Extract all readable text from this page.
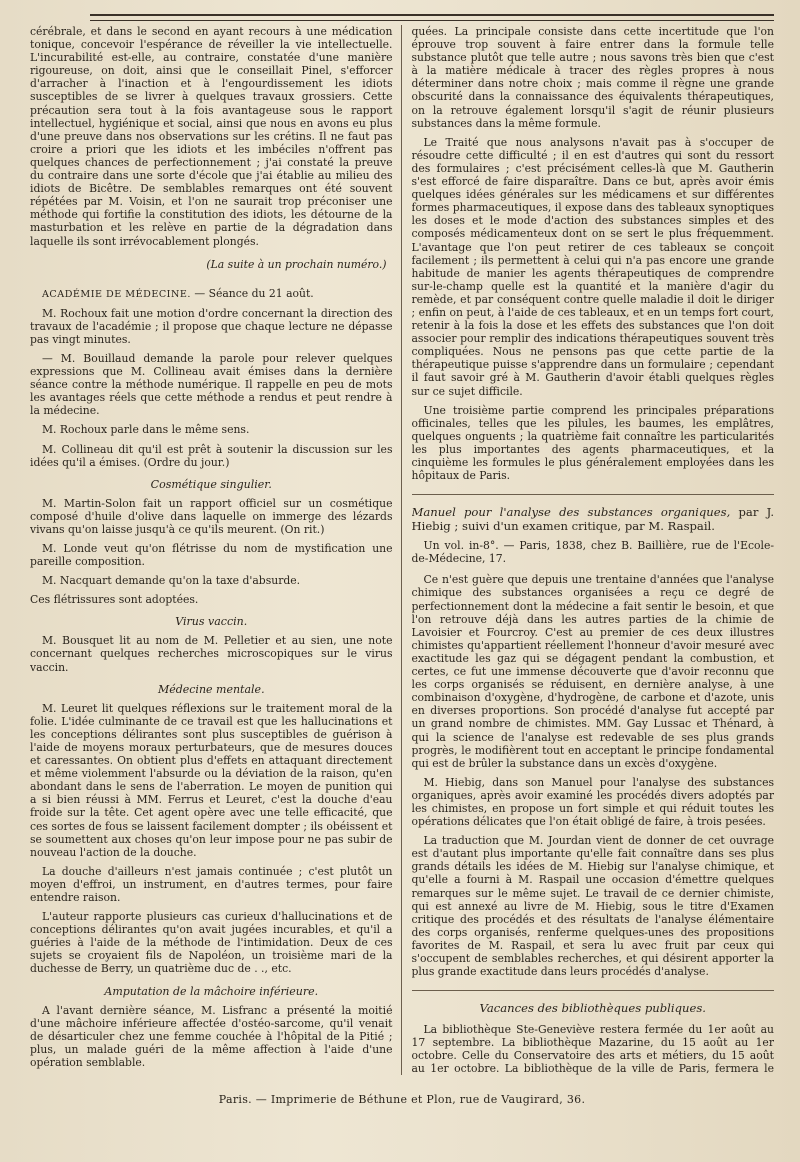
cérébrale, et dans le second en ayant recours à une médication tonique, concevoir l'espérance de réveiller la vie intellectuelle. L'incurabilité est-elle, au contraire, constatée d'une manière rigoureuse, on doit, ainsi que le conseillait Pinel, s'efforcer d'arracher à l'inaction et à l'engourdissement les idiots susceptibles de se livrer à quelques travaux grossiers. Cette précaution sera tout à la fois avantageuse sous le rapport intellectuel, hygiénique et social, ainsi que nous en avons eu plus d'une preuve dans nos observations sur les crétins. Il ne faut pas croire a priori que les idiots et les imbéciles n'offrent pas quelques chances de perfectionnement ; j'ai constaté la preuve du contraire dans une sorte d'école que j'ai établie au milieu des idiots de Bicêtre. De semblables remarques ont été souvent répétées par M. Voisin, et l'on ne saurait trop préconiser une méthode qui fortifie la constitution des idiots, les détourne de la masturbation et les relève en partie de la dégradation dans laquelle ils sont irrévocablement plongés.

(La suite à un prochain numéro.)
ACADÉMIE DE MÉDECINE. — Séance du 21 août.

M. Rochoux fait une motion d'ordre concernant la direction des travaux de l'académie ; il propose que chaque lecture ne dépasse pas vingt minutes.

— M. Bouillaud demande la parole pour relever quelques expressions que M. Collineau avait émises dans la dernière séance contre la méthode numérique. Il rappelle en peu de mots les avantages réels que cette méthode a rendus et peut rendre à la médecine.

M. Rochoux parle dans le même sens.

M. Collineau dit qu'il est prêt à soutenir la discussion sur les idées qu'il a émises. (Ordre du jour.)

Cosmétique singulier.

M. Martin-Solon fait un rapport officiel sur un cosmétique composé d'huile d'olive dans laquelle on immerge des lézards vivans qu'on laisse jusqu'à ce qu'ils meurent. (On rit.)

M. Londe veut qu'on flétrisse du nom de mystification une pareille composition.

M. Nacquart demande qu'on la taxe d'absurde.

Ces flétrissures sont adoptées.

Virus vaccin.

M. Bousquet lit au nom de M. Pelletier et au sien, une note concernant quelques recherches microscopiques sur le virus vaccin.

Médecine mentale.

M. Leuret lit quelques réflexions sur le traitement moral de la folie. L'idée culminante de ce travail est que les hallucinations et les conceptions délirantes sont plus susceptibles de guérison à l'aide de moyens moraux perturbateurs, que de mesures douces et caressantes. On obtient plus d'effets en attaquant directement et même violemment l'absurde ou la déviation de la raison, qu'en abondant dans le sens de l'aberration. Le moyen de punition qui a si bien réussi à MM. Ferrus et Leuret, c'est la douche d'eau froide sur la tête. Cet agent opère avec une telle efficacité, que ces sortes de fous se laissent facilement dompter ; ils obéissent et se soumettent aux choses qu'on leur impose pour ne pas subir de nouveau l'action de la douche.

La douche d'ailleurs n'est jamais continuée ; c'est plutôt un moyen d'effroi, un instrument, en d'autres termes, pour faire entendre raison.

L'auteur rapporte plusieurs cas curieux d'hallucinations et de conceptions délirantes qu'on avait jugées incurables, et qu'il a guéries à l'aide de la méthode de l'intimidation. Deux de ces sujets se croyaient fils de Napoléon, un troisième mari de la duchesse de Berry, un quatrième duc de . ., etc.

Amputation de la mâchoire inférieure.

A l'avant dernière séance, M. Lisfranc a présenté la moitié d'une mâchoire inférieure affectée d'ostéo-sarcome, qu'il venait de désarticuler chez une femme couchée à l'hôpital de la Pitié ; plus, un malade guéri de la même affection à l'aide d'une opération semblable.

quées. La principale consiste dans cette incertitude que l'on éprouve trop souvent à faire entrer dans la formule telle substance plutôt que telle autre ; nous savons très bien que c'est à la matière médicale à tracer des règles propres à nous déterminer dans notre choix ; mais comme il règne une grande obscurité dans la connaissance des équivalents thérapeutiques, on la retrouve également lorsqu'il s'agit de réunir plusieurs substances dans la même formule.

Le Traité que nous analysons n'avait pas à s'occuper de résoudre cette difficulté ; il en est d'autres qui sont du ressort des formulaires ; c'est précisément celles-là que M. Gautherin s'est efforcé de faire disparaître. Dans ce but, après avoir émis quelques idées générales sur les médicamens et sur différentes formes pharmaceutiques, il expose dans des tableaux synoptiques les doses et le mode d'action des substances simples et des composés médicamenteux dont on se sert le plus fréquemment. L'avantage que l'on peut retirer de ces tableaux se conçoit facilement ; ils permettent à celui qui n'a pas encore une grande habitude de manier les agents thérapeutiques de comprendre sur-le-champ quelle est la quantité et la manière d'agir du remède, et par conséquent contre quelle maladie il doit le diriger ; enfin on peut, à l'aide de ces tableaux, et en un temps fort court, retenir à la fois la dose et les effets des substances que l'on doit associer pour remplir des indications thérapeutiques souvent très compliquées. Nous ne pensons pas que cette partie de la thérapeutique puisse s'apprendre dans un formulaire ; cependant il faut savoir gré à M. Gautherin d'avoir établi quelques règles sur ce sujet difficile.

Une troisième partie comprend les principales préparations officinales, telles que les pilules, les baumes, les emplâtres, quelques onguents ; la quatrième fait connaître les particularités les plus importantes des agents pharmaceutiques, et la cinquième les formules le plus généralement employées dans les hôpitaux de Paris.

Manuel pour l'analyse des substances organiques, par J. Hiebig ; suivi d'un examen critique, par M. Raspail.
Un vol. in-8°. — Paris, 1838, chez B. Baillière, rue de l'Ecole-de-Médecine, 17.

Ce n'est guère que depuis une trentaine d'années que l'analyse chimique des substances organisées a reçu ce degré de perfectionnement dont la médecine a fait sentir le besoin, et que l'on retrouve déjà dans les autres parties de la chimie de Lavoisier et Fourcroy. C'est au premier de ces deux illustres chimistes qu'appartient réellement l'honneur d'avoir mesuré avec exactitude les gaz qui se dégagent pendant la combustion, et certes, ce fut une immense découverte que d'avoir reconnu que les corps organisés se réduisent, en dernière analyse, à une combinaison d'oxygène, d'hydrogène, de carbone et d'azote, unis en diverses proportions. Son procédé d'analyse fut accepté par un grand nombre de chimistes. MM. Gay Lussac et Thénard, à qui la science de l'analyse est redevable de ses plus grands progrès, le modifièrent tout en acceptant le principe fondamental qui est de brûler la substance dans un excès d'oxygène.

M. Hiebig, dans son Manuel pour l'analyse des substances organiques, après avoir examiné les procédés divers adoptés par les chimistes, en propose un fort simple et qui réduit toutes les opérations délicates que l'on était obligé de faire, à trois pesées.

La traduction que M. Jourdan vient de donner de cet ouvrage est d'autant plus importante qu'elle fait connaître dans ses plus grands détails les idées de M. Hiebig sur l'analyse chimique, et qu'elle a fourni à M. Raspail une occasion d'émettre quelques remarques sur le même sujet. Le travail de ce dernier chimiste, qui est annexé au livre de M. Hiebig, sous le titre d'Examen critique des procédés et des résultats de l'analyse élémentaire des corps organisés, renferme quelques-unes des propositions favorites de M. Raspail, et sera lu avec fruit par ceux qui s'occupent de semblables recherches, et qui désirent apporter la plus grande exactitude dans leurs procédés d'analyse.

Vacances des bibliothèques publiques.

La bibliothèque Ste-Geneviève restera fermée du 1er août au 17 septembre. La bibliothèque Mazarine, du 15 août au 1er octobre. Celle du Conservatoire des arts et métiers, du 15 août au 1er octobre. La bibliothèque de la ville de Paris, fermera le

Paris. — Imprimerie de Béthune et Plon, rue de Vaugirard, 36.
